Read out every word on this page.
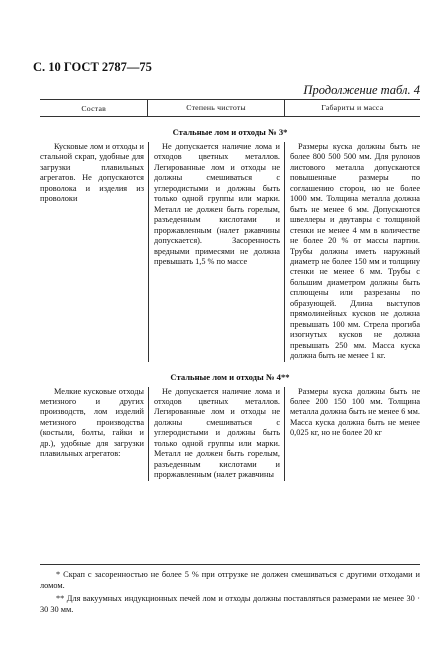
С. 10 ГОСТ 2787—75
Продолжение табл. 4
Состав	Степень чистоты	Габариты и масса
Стальные лом и отходы № 3*
Кусковые лом и отходы и стальной скрап, удобные для загрузки плавильных агрегатов. Не допускаются проволока и изделия из проволоки
Не допускается наличие лома и отходов цветных металлов. Легированные лом и отходы не должны смешиваться с углеродистыми и должны быть только одной группы или марки. Металл не должен быть горелым, разъеденным кислотами и проржавленным (налет ржавчины допускается). Засоренность вредными примесями не должна превышать 1,5 % по массе
Размеры куска должны быть не более 800 500 500 мм. Для рулонов листового металла допускаются повышенные размеры по соглашению сторон, но не более 1000 мм. Толщина металла должна быть не менее 6 мм. Допускаются швеллеры и двутавры с толщиной стенки не менее 4 мм в количестве не более 20 % от массы партии. Трубы должны иметь наружный диаметр не более 150 мм и толщину стенки не менее 6 мм. Трубы с большим диаметром должны быть сплющены или разрезаны по образующей. Длина выступов прямолинейных кусков не должна превышать 100 мм. Стрела прогиба изогнутых кусков не должна превышать 250 мм. Масса куска должна быть не менее 1 кг.
Стальные лом и отходы № 4**
Мелкие кусковые отходы метизного и других производств, лом изделий метизного производства (костыли, болты, гайки и др.), удобные для загрузки плавильных агрегатов:
Не допускается наличие лома и отходов цветных металлов. Легированные лом и отходы не должны смешиваться с углеродистыми и должны быть только одной группы или марки. Металл не должен быть горелым, разъеденным кислотами и проржавленным (налет ржавчины
Размеры куска должны быть не более 200 150 100 мм. Толщина металла должна быть не менее 6 мм. Масса куска должна быть не менее 0,025 кг, но не более 20 кг

* Скрап с засоренностью не более 5 % при отгрузке не должен смешиваться с другими отходами и ломом.

** Для вакуумных индукционных печей лом и отходы должны поставляться размерами не менее 30 · 30 30 мм.
